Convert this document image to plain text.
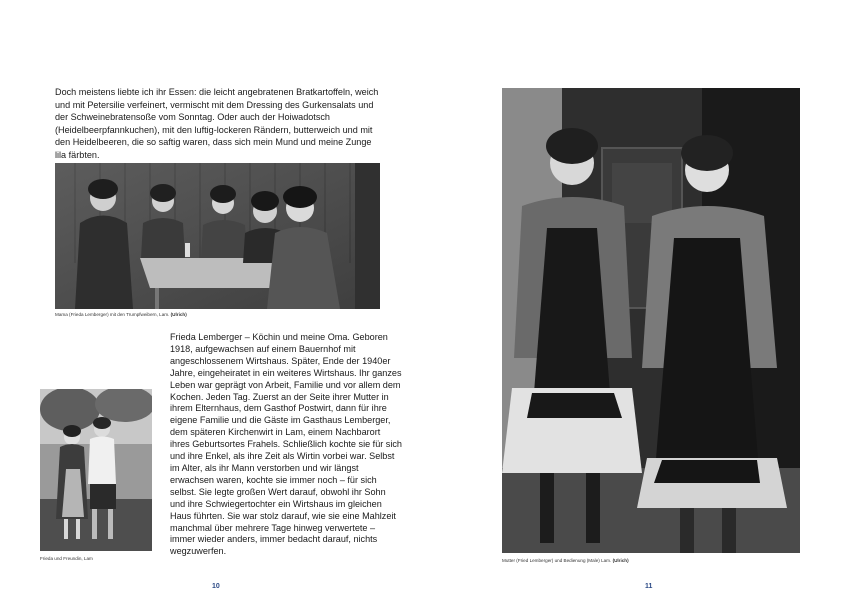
Doch meistens liebte ich ihr Essen: die leicht angebratenen Bratkartoffeln, weich und mit Petersilie verfeinert, vermischt mit dem Dressing des Gurkensalats und der Schweinebratensoße vom Sonntag. Oder auch der Hoiwadotsch (Heidelbeerpfannkuchen), mit den luftig-lockeren Rändern, butterweich und mit den Heidelbeeren, die so saftig waren, dass sich mein Mund und meine Zunge lila färbten.

Mama (Frieda Lemberger) mit den Trumpfweibern, Lam. (Ulrich)
Frieda und Freundin, Lam

Frieda Lemberger – Köchin und meine Oma. Geboren 1918, aufgewachsen auf einem Bauernhof mit angeschlossenem Wirtshaus. Später, Ende der 1940er Jahre, eingeheiratet in ein weiteres Wirtshaus. Ihr ganzes Leben war geprägt von Arbeit, Familie und vor allem dem Kochen. Jeden Tag. Zuerst an der Seite ihrer Mutter in ihrem Elternhaus, dem Gasthof Postwirt, dann für ihre eigene Familie und die Gäste im Gasthaus Lemberger, dem späteren Kirchenwirt in Lam, einem Nachbarort ihres Geburtsortes Frahels. Schließlich kochte sie für sich und ihre Enkel, als ihre Zeit als Wirtin vorbei war. Selbst im Alter, als ihr Mann verstorben und wir längst erwachsen waren, kochte sie immer noch – für sich selbst. Sie legte großen Wert darauf, obwohl ihr Sohn und ihre Schwiegertochter ein Wirtshaus im gleichen Haus führten. Sie war stolz darauf, wie sie eine Mahlzeit manchmal über mehrere Tage hinweg verwertete – immer wieder anders, immer bedacht darauf, nichts wegzuwerfen.

10
Mutter (Fried Lemberger) und Bedienung (Male) Lam. (Ulrich)
11
